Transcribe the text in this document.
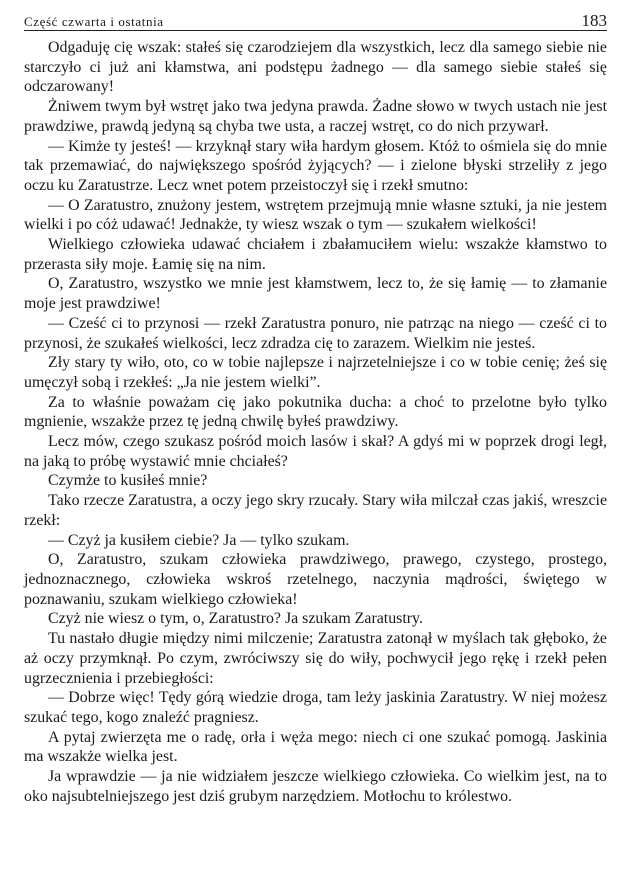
Część czwarta i ostatnia	183

Odgaduję cię wszak: stałeś się czarodziejem dla wszystkich, lecz dla samego siebie nie starczyło ci już ani kłamstwa, ani podstępu żadnego — dla samego siebie stałeś się odczarowany!

Żniwem twym był wstręt jako twa jedyna prawda. Żadne słowo w twych ustach nie jest prawdziwe, prawdą jedyną są chyba twe usta, a raczej wstręt, co do nich przywarł.

— Kimże ty jesteś! — krzyknął stary wiła hardym głosem. Któż to ośmiela się do mnie tak przemawiać, do największego spośród żyjących? — i zielone błyski strzeliły z jego oczu ku Zaratustrze. Lecz wnet potem przeistoczył się i rzekł smutno:

— O Zaratustro, znużony jestem, wstrętem przejmują mnie własne sztuki, ja nie jestem wielki i po cóż udawać! Jednakże, ty wiesz wszak o tym — szukałem wielkości!

Wielkiego człowieka udawać chciałem i zbałamuciłem wielu: wszakże kłamstwo to przerasta siły moje. Łamię się na nim.

O, Zaratustro, wszystko we mnie jest kłamstwem, lecz to, że się łamię — to złamanie moje jest prawdziwe!

— Cześć ci to przynosi — rzekł Zaratustra ponuro, nie patrząc na niego — cześć ci to przynosi, że szukałeś wielkości, lecz zdradza cię to zarazem. Wielkim nie jesteś.

Zły stary ty wiło, oto, co w tobie najlepsze i najrzetelniejsze i co w tobie cenię; żeś się umęczył sobą i rzekłeś: „Ja nie jestem wielki”.

Za to właśnie poważam cię jako pokutnika ducha: a choć to przelotne było tylko mgnienie, wszakże przez tę jedną chwilę byłeś prawdziwy.

Lecz mów, czego szukasz pośród moich lasów i skał? A gdyś mi w poprzek drogi legł, na jaką to próbę wystawić mnie chciałeś?

Czymże to kusiłeś mnie?

Tako rzecze Zaratustra, a oczy jego skry rzucały. Stary wiła milczał czas jakiś, wreszcie rzekł:

— Czyż ja kusiłem ciebie? Ja — tylko szukam.

O, Zaratustro, szukam człowieka prawdziwego, prawego, czystego, prostego, jednoznacznego, człowieka wskroś rzetelnego, naczynia mądrości, świętego w poznawaniu, szukam wielkiego człowieka!

Czyż nie wiesz o tym, o, Zaratustro? Ja szukam Zaratustry.

Tu nastało długie między nimi milczenie; Zaratustra zatonął w myślach tak głęboko, że aż oczy przymknął. Po czym, zwróciwszy się do wiły, pochwycił jego rękę i rzekł pełen ugrzecznienia i przebiegłości:

— Dobrze więc! Tędy górą wiedzie droga, tam leży jaskinia Zaratustry. W niej możesz szukać tego, kogo znaleźć pragniesz.

A pytaj zwierzęta me o radę, orła i węża mego: niech ci one szukać pomogą. Jaskinia ma wszakże wielka jest.

Ja wprawdzie — ja nie widziałem jeszcze wielkiego człowieka. Co wielkim jest, na to oko najsubtelniejszego jest dziś grubym narzędziem. Motłochu to królestwo.
